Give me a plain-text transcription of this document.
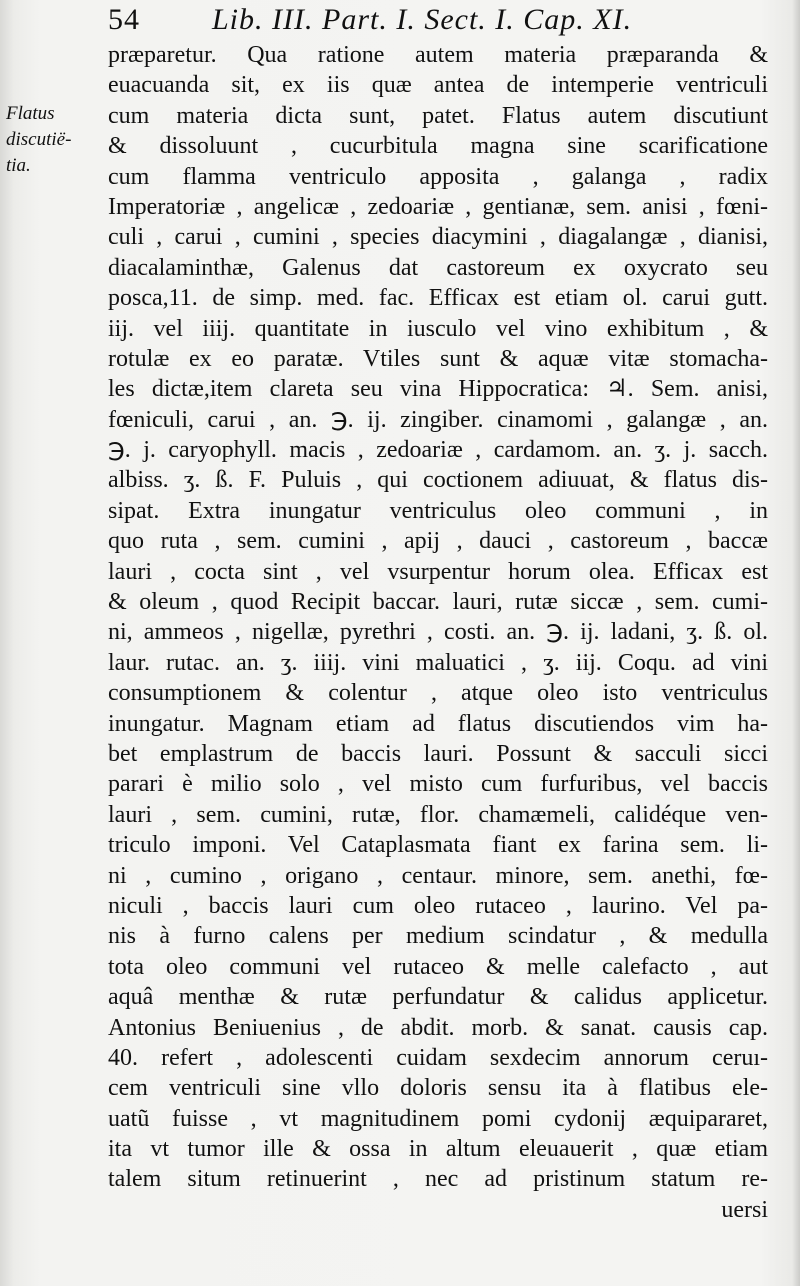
54 Lib. III. Part. I. Sect. I. Cap. XI.
Flatus
discutië-
tia.
præparetur. Qua ratione autem materia præparanda &
euacuanda sit, ex iis quæ antea de intemperie ventriculi
cum materia dicta sunt, patet. Flatus autem discutiunt
& dissoluunt , cucurbitula magna sine scarificatione
cum flamma ventriculo apposita , galanga , radix
Imperatoriæ , angelicæ , zedoariæ , gentianæ, sem. anisi , fœni-
culi , carui , cumini , species diacymini , diagalangæ , dianisi,
diacalaminthæ, Galenus dat castoreum ex oxycrato seu
posca,11. de simp. med. fac. Efficax est etiam ol. carui gutt.
iij. vel iiij. quantitate in iusculo vel vino exhibitum , &
rotulæ ex eo paratæ. Vtiles sunt & aquæ vitæ stomacha-
les dictæ,item clareta seu vina Hippocratica: ♃. Sem. anisi,
fœniculi, carui , an. ℈. ij. zingiber. cinamomi , galangæ , an.
℈. j. caryophyll. macis , zedoariæ , cardamom. an. ʒ. j. sacch.
albiss. ʒ. ß. F. Puluis , qui coctionem adiuuat, & flatus dis-
sipat. Extra inungatur ventriculus oleo communi , in
quo ruta , sem. cumini , apij , dauci , castoreum , baccæ
lauri , cocta sint , vel vsurpentur horum olea. Efficax est
& oleum , quod Recipit baccar. lauri, rutæ siccæ , sem. cumi-
ni, ammeos , nigellæ, pyrethri , costi. an. ℈. ij. ladani, ʒ. ß. ol.
laur. rutac. an. ʒ. iiij. vini maluatici , ʒ. iij. Coqu. ad vini
consumptionem & colentur , atque oleo isto ventriculus
inungatur. Magnam etiam ad flatus discutiendos vim ha-
bet emplastrum de baccis lauri. Possunt & sacculi sicci
parari è milio solo , vel misto cum furfuribus, vel baccis
lauri , sem. cumini, rutæ, flor. chamæmeli, calidéque ven-
triculo imponi. Vel Cataplasmata fiant ex farina sem. li-
ni , cumino , origano , centaur. minore, sem. anethi, fœ-
niculi , baccis lauri cum oleo rutaceo , laurino. Vel pa-
nis à furno calens per medium scindatur , & medulla
tota oleo communi vel rutaceo & melle calefacto , aut
aquâ menthæ & rutæ perfundatur & calidus applicetur.
Antonius Beniuenius , de abdit. morb. & sanat. causis cap.
40. refert , adolescenti cuidam sexdecim annorum ceruı-
cem ventriculi sine vllo doloris sensu ita à flatibus ele-
uatũ fuisse , vt magnitudinem pomi cydonij æquipararet,
ita vt tumor ille & ossa in altum eleuauerit , quæ etiam
talem situm retinuerint , nec ad pristinum statum re-
uersi
